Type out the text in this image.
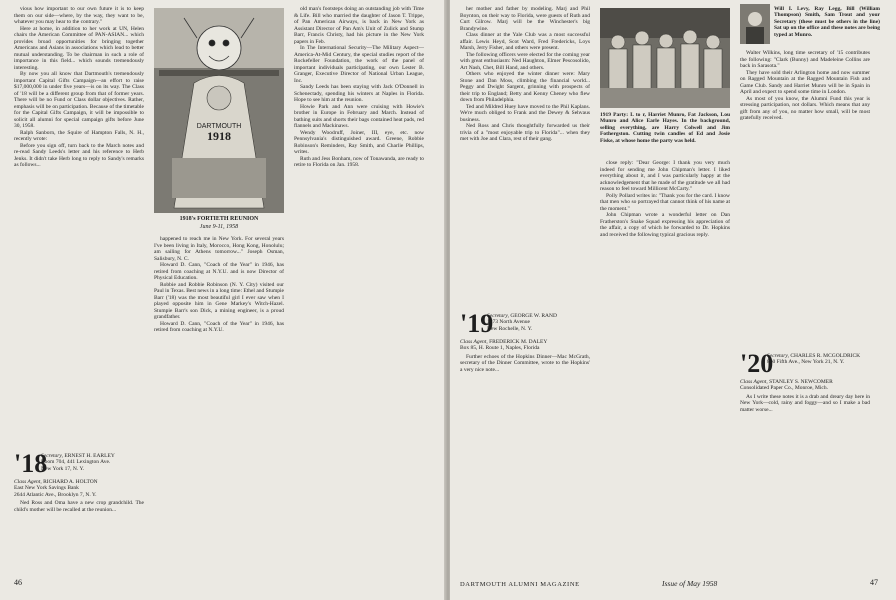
vious how important to our own future it is to keep them on our side—where, by the way, they want to be, whatever you may hear to the contrary."

Here at home, in addition to her work at UN, Helen chairs the American Committee of PAN-ASIAN... which provides broad opportunities for bringing together Americans and Asians in associations which lead to better mutual understanding. To be chairman in such a role of importance in this field... which sounds tremendously interesting.

By now you all know that Dartmouth's tremendously important Capital Gifts Campaign—an effort to raise $17,000,000 in under five years—is on its way. The Class of '18 will be a different group from that of former years. There will be no Fund or Class dollar objectives. Rather, emphasis will be on participation. Because of the timetable for the Capital Gifts Campaign, it will be impossible to solicit all alumni for special campaign gifts before June 30, 1958.

Ralph Sanborn, the Squire of Hampton Falls, N. H., recently wrote:

Before you sign off, turn back to the March notes and re-read Sandy Leeds's letter and his reference to Herb Jenks. It didn't take Herb long to reply to Sandy's remarks as follows...

'18
Secretary, ERNEST H. EARLEY
Room 704, 441 Lexington Ave.
New York 17, N. Y.
Class Agent, RICHARD A. HOLTON
East New York Savings Bank
2644 Atlantic Ave., Brooklyn 7, N. Y.

Ned Ross and Oma have a new crop grandchild. The child's mother will be recalled at the reunion...

DARTMOUTH
1918
1918's FORTIETH REUNION
June 9-11, 1958

happened to reach me in New York. For several years I've been living in Italy, Morocco, Hong Kong, Honolulu; am sailing for Athens tomorrow..." Joseph Osman, Salisbury, N. C.

Howard D. Cann, "Coach of the Year" in 1946, has retired from coaching at N.Y.U. and is now Director of Physical Education.

Robbie and Robbie Robinson (N. Y. City) visited our Paul in Texas. Best news in a long time: Ethel and Stumpie Barr ('18) was the most beautiful girl I ever saw when I played opposite him in Gene Markey's Witch-Hazel. Stumpie Barr's son Dick, a mining engineer, is a proud grandfather.

Howard D. Cann, "Coach of the Year" in 1946, has retired from coaching at N.Y.U.

old man's footsteps doing an outstanding job with Time & Life. Bill who married the daughter of Jason T. Trippe, of Pan American Airways, is back in New York as Assistant Director of Pan Am's Unit of Zulick and Stump Barr, Francis Christy, had his picture in the New York papers in Feb.

In The International Security—The Military Aspect—America-At-Mid Century, the special studies report of the Rockefeller Foundation, the work of the panel of important individuals participating, our own Lester B. Granger, Executive Director of National Urban League, Inc.

Sandy Leeds has been staying with Jack O'Donnell in Schenectady, spending his winters at Naples in Florida. Hope to see him at the reunion.

Howie Park and Ann were cruising with Howie's brother in Europe in February and March. Instead of bathing suits and shorts their bags contained heat pads, red flannels and Mackinaws.

Wendy Woodruff, Joiner, III, eye, etc. now Pennsylvania's distinguished award. Greene, Robbie Robinson's Reminders, Ray Smith, and Charlie Phillips, writes.

Ruth and Jess Bonham, now of Tonawanda, are ready to retire to Florida on Jan. 1958.

46

her mother and father by modeling. Marj and Phil Boynton, on their way to Florida, were guests of Ruth and Curt Gilrow. Marj will be the Winchester's big Brandywine.

Class dinner at the Yale Club was a most successful affair. Lewis Heyd, Scot Ward, Fred Fredericks, Loys Marsh, Jerry Fisher, and others were present.

The following officers were elected for the coming year with great enthusiasm: Ned Haughton, Elmer Pescosolido, Art Nash, Chet, Bill Hand, and others.

Others who enjoyed the winter dinner were: Mary Stone and Dan Moss, climbing the financial world... Peggy and Dwight Sargent, grinning with prospects of their trip to England; Betty and Kenny Cheney who flew down from Philadelphia.

Ted and Mildred Huey have moved to the Phil Kaplans. We're much obliged to Frank and the Dewey & Sehvaus business.

Ned Ross and Chris thoughtfully forwarded us their trivia of a "most enjoyable trip to Florida"... when they met with Joe and Clara, rest of their gang.

'19
Secretary, GEORGE W. RAND
1273 North Avenue
New Rochelle, N. Y.
Class Agent, FREDERICK M. DALEY
Box 85, H. Route 1, Naples, Florida

Further echoes of the Hopkins Dinner—Mac McGrath, secretary of the Dinner Committee, wrote to the Hopkins' a very nice note...

1919 Party: L to r, Harriet Munro, Fat Jackson, Lou Munro and Alice Earle Hayes. In the background, selling everything, are Harry Colwell and Jim Fothergston. Cutting twin candles of Ed and Josie Fiske, at whose home the party was held.

close reply: "Dear George: I thank you very much indeed for sending me John Chipman's letter. I liked everything about it, and I was particularly happy at the acknowledgement that he made of the gratitude we all had reason to feel toward Millicent McCarty."

Polly Pollard writes in: "Thank you for the card. I know that men who so portrayed that cannot think of his name at the moment."

John Chipman wrote a wonderful letter on Dan Fratherston's Snake Squad expressing his appreciation of the affair, a copy of which he forwarded to Dr. Hopkins and received the following typical gracious reply.

Will I. Levy, Ray Legg, Bill (William Thompson) Smith, Sam Trout and your Secretary (these must be others in the line) Sat up on the office and these notes are being typed at Munro.

Walter Wilkins, long time secretary of '15 contributes the following: "Clark (Bunny) and Madeleine Collins are back in Sarasota."

They have sold their Arlington home and now summer on Ragged Mountain at the Ragged Mountain Fish and Game Club. Sandy and Harriet Munro will be in Spain in April and expect to spend some time in London.

As most of you know, the Alumni Fund this year is stressing participation, not dollars. Which means that any gift from any of you, no matter how small, will be most gratefully received.

'20
Secretary, CHARLES R. MCGOLDRICK
860 Fifth Ave., New York 21, N. Y.
Class Agent, STANLEY S. NEWCOMER
Consolidated Paper Co., Monroe, Mich.

As I write these notes it is a drab and dreary day here in New York—cold, rainy and foggy—and so I make a bad matter worse...

DARTMOUTH ALUMNI MAGAZINE	Issue of May 1958	47
